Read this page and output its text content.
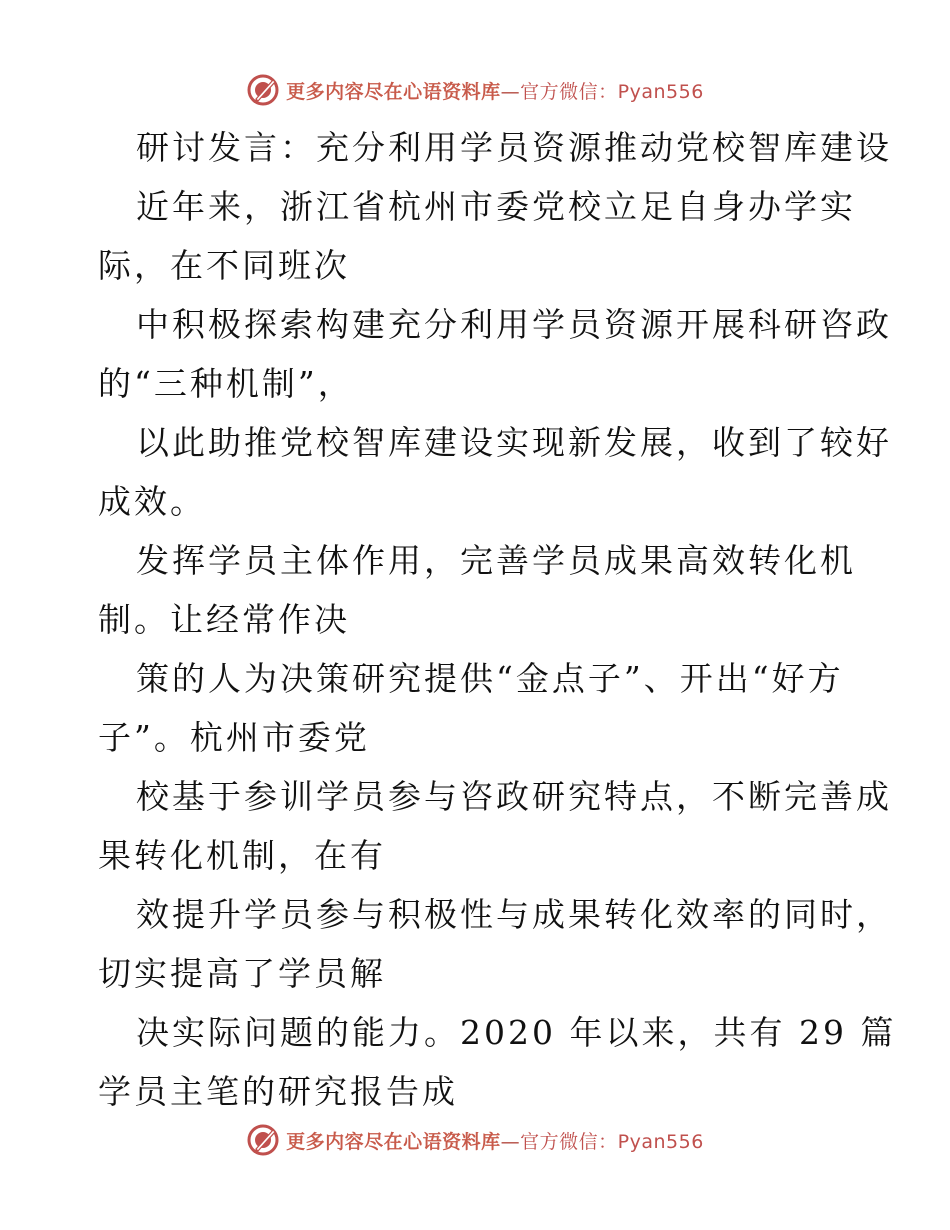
更多内容尽在心语资料库—官方微信：Pyan556
研讨发言：充分利用学员资源推动党校智库建设
近年来，浙江省杭州市委党校立足自身办学实
际，在不同班次
中积极探索构建充分利用学员资源开展科研咨政
的“三种机制”，
以此助推党校智库建设实现新发展，收到了较好
成效。
发挥学员主体作用，完善学员成果高效转化机
制。让经常作决
策的人为决策研究提供“金点子”、开出“好方
子”。杭州市委党
校基于参训学员参与咨政研究特点，不断完善成
果转化机制，在有
效提升学员参与积极性与成果转化效率的同时，
切实提高了学员解
决实际问题的能力。2020 年以来，共有 29 篇
学员主笔的研究报告成
更多内容尽在心语资料库—官方微信：Pyan556
